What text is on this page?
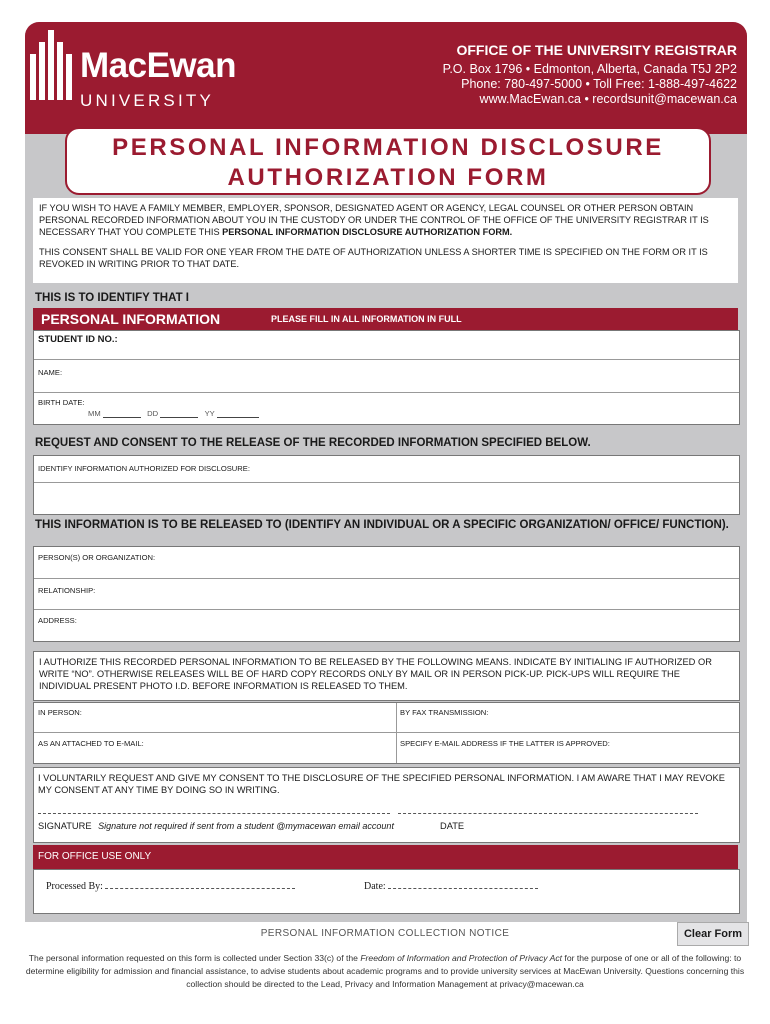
MacEwan
UNIVERSITY
OFFICE OF THE UNIVERSITY REGISTRAR
P.O. Box 1796 • Edmonton, Alberta, Canada T5J 2P2
Phone: 780-497-5000 • Toll Free: 1-888-497-4622
www.MacEwan.ca • recordsunit@macewan.ca
PERSONAL INFORMATION DISCLOSURE
AUTHORIZATION FORM

IF YOU WISH TO HAVE A FAMILY MEMBER, EMPLOYER, SPONSOR, DESIGNATED AGENT OR AGENCY, LEGAL COUNSEL OR OTHER PERSON OBTAIN PERSONAL RECORDED INFORMATION ABOUT YOU IN THE CUSTODY OR UNDER THE CONTROL OF THE OFFICE OF THE UNIVERSITY REGISTRAR IT IS NECESSARY THAT YOU COMPLETE THIS PERSONAL INFORMATION DISCLOSURE AUTHORIZATION FORM.

THIS CONSENT SHALL BE VALID FOR ONE YEAR FROM THE DATE OF AUTHORIZATION UNLESS A SHORTER TIME IS SPECIFIED ON THE FORM OR IT IS REVOKED IN WRITING PRIOR TO THAT DATE.

THIS IS TO IDENTIFY THAT I
PERSONAL INFORMATION	PLEASE FILL IN ALL INFORMATION IN FULL
STUDENT ID NO.:
NAME:
BIRTH DATE:
MM	DD	YY
REQUEST AND CONSENT TO THE RELEASE OF THE RECORDED INFORMATION SPECIFIED BELOW.
IDENTIFY INFORMATION AUTHORIZED FOR DISCLOSURE:
THIS INFORMATION IS TO BE RELEASED TO (IDENTIFY AN INDIVIDUAL OR A SPECIFIC ORGANIZATION/ OFFICE/ FUNCTION).
PERSON(S) OR ORGANIZATION:
RELATIONSHIP:
ADDRESS:
I AUTHORIZE THIS RECORDED PERSONAL INFORMATION TO BE RELEASED BY THE FOLLOWING MEANS. INDICATE BY INITIALING IF AUTHORIZED OR WRITE “NO”. OTHERWISE RELEASES WILL BE OF HARD COPY RECORDS ONLY BY MAIL OR IN PERSON PICK-UP. PICK-UPS WILL REQUIRE THE INDIVIDUAL PRESENT PHOTO I.D. BEFORE INFORMATION IS RELEASED TO THEM.
IN PERSON:	BY FAX TRANSMISSION:
AS AN ATTACHED TO E-MAIL:	SPECIFY E-MAIL ADDRESS IF THE LATTER IS APPROVED:
I VOLUNTARILY REQUEST AND GIVE MY CONSENT TO THE DISCLOSURE OF THE SPECIFIED PERSONAL INFORMATION. I AM AWARE THAT I MAY REVOKE MY CONSENT AT ANY TIME BY DOING SO IN WRITING.
SIGNATURE Signature not required if sent from a student @mymacewan email account	DATE
FOR OFFICE USE ONLY
Processed By:	Date:
Clear Form
PERSONAL INFORMATION COLLECTION NOTICE
The personal information requested on this form is collected under Section 33(c) of the Freedom of Information and Protection of Privacy Act for the purpose of one or all of the following: to determine eligibility for admission and financial assistance, to advise students about academic programs and to provide university services at MacEwan University. Questions concerning this collection should be directed to the Lead, Privacy and Information Management at privacy@macewan.ca
